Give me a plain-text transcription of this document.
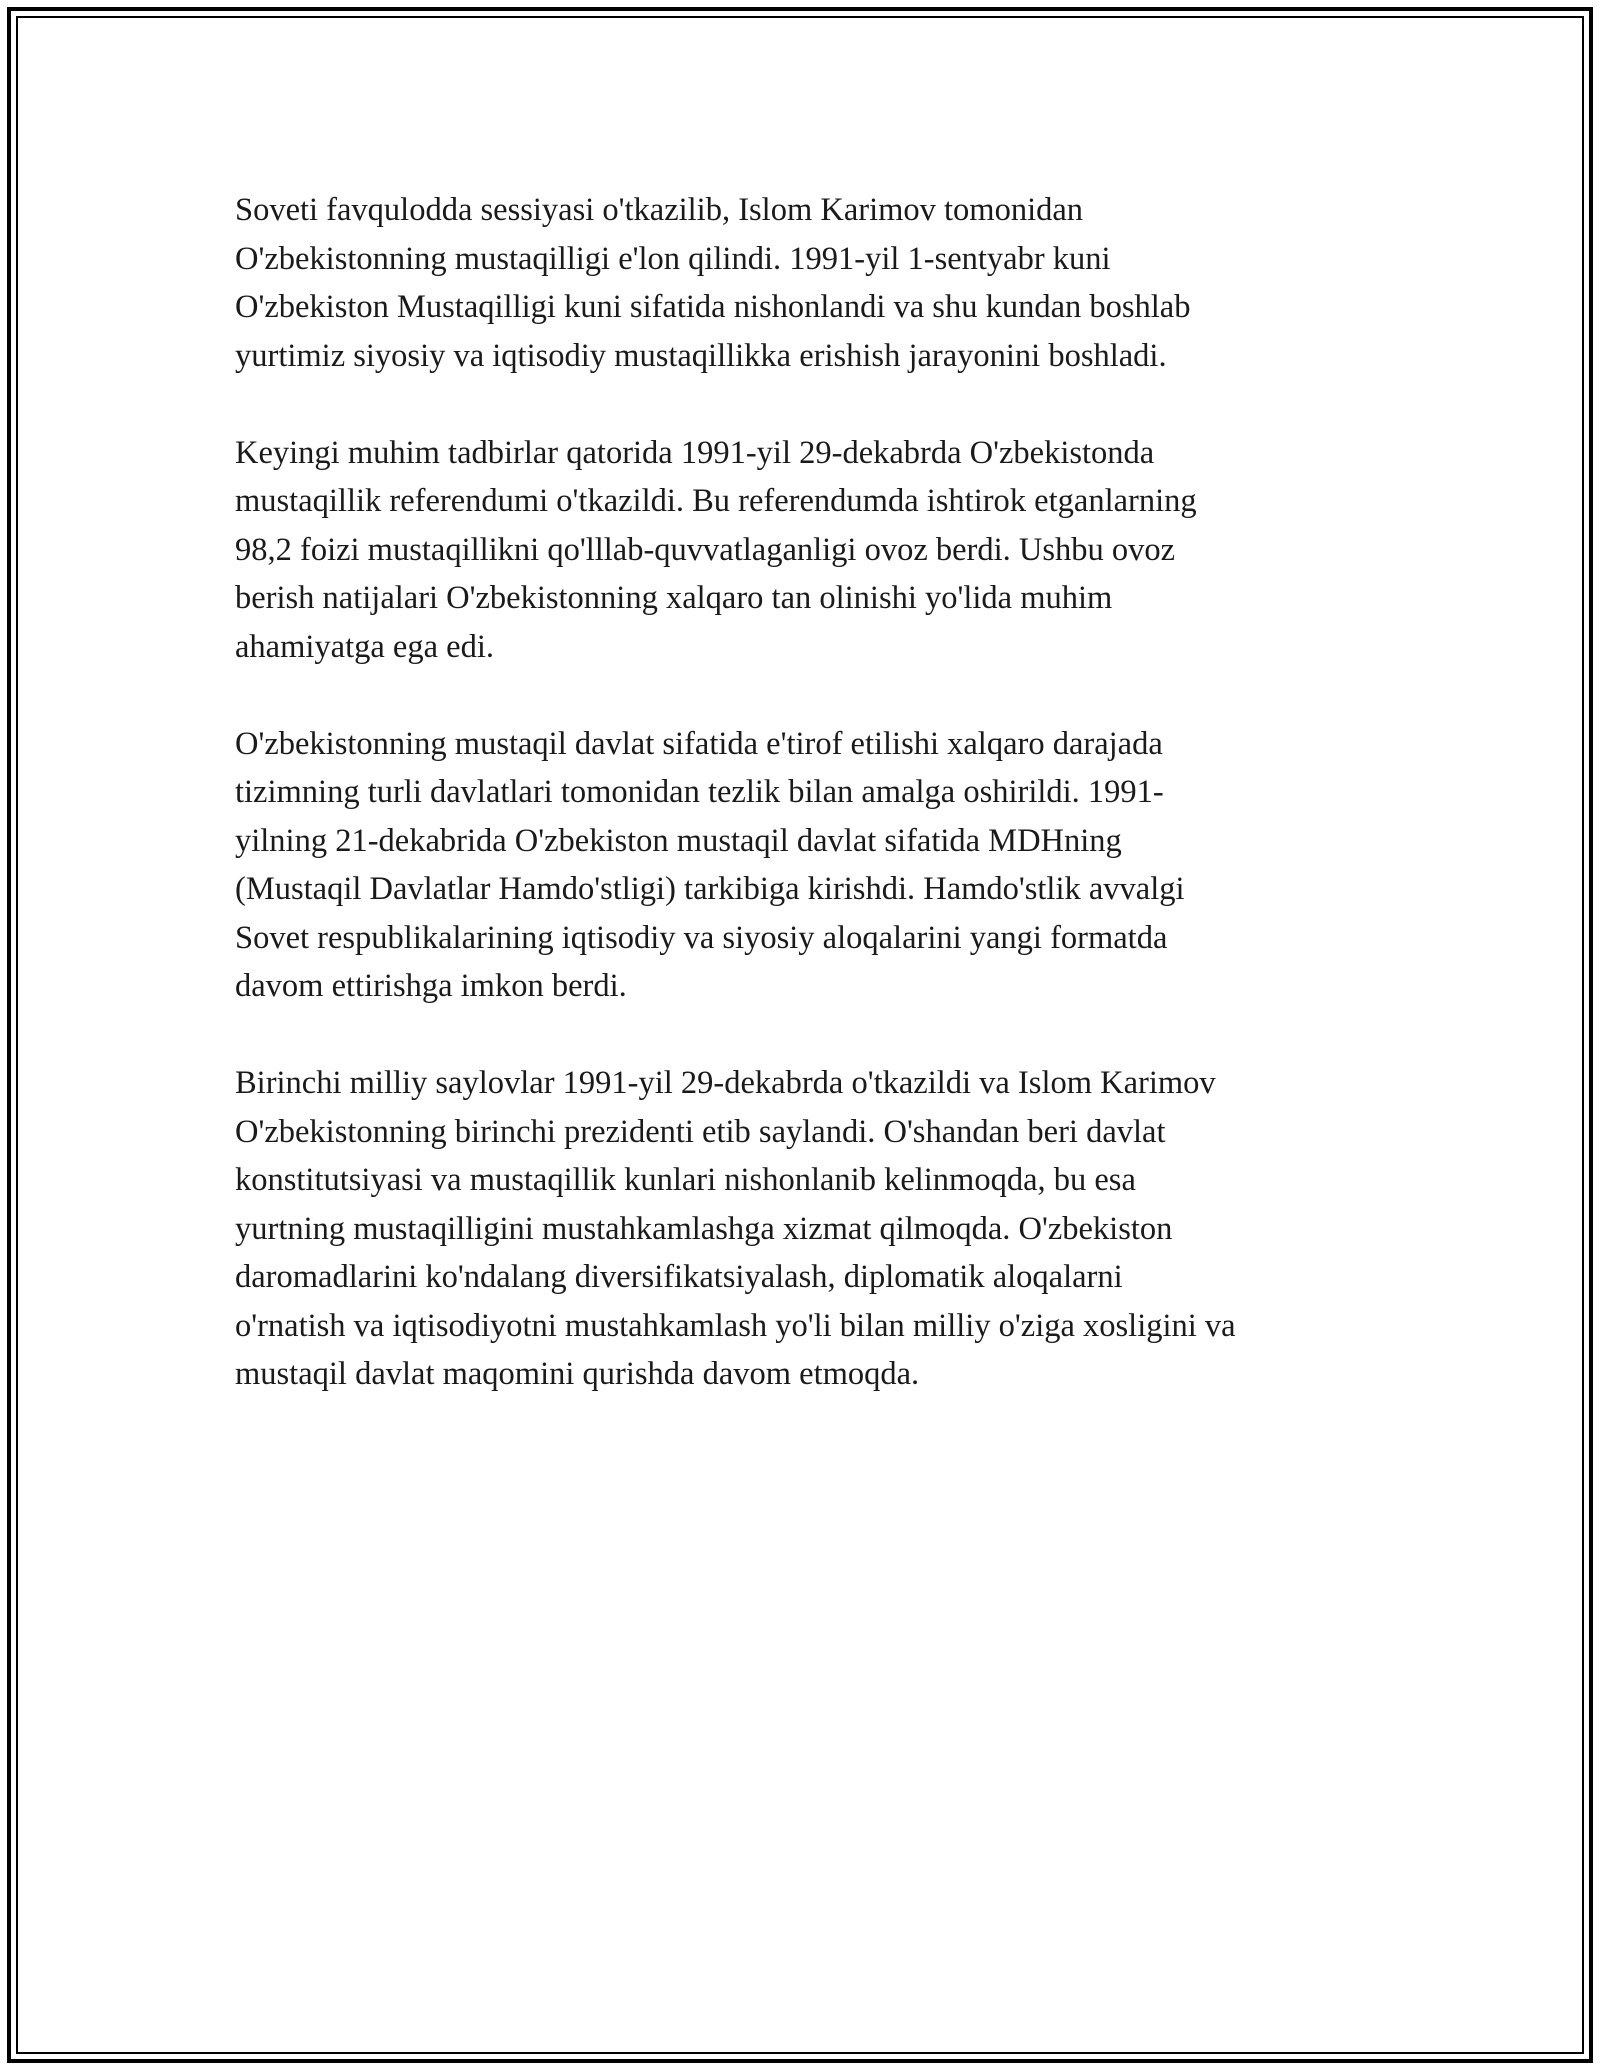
Soveti favqulodda sessiyasi o'tkazilib, Islom Karimov tomonidan
O'zbekistonning mustaqilligi e'lon qilindi. 1991-yil 1-sentyabr kuni
O'zbekiston Mustaqilligi kuni sifatida nishonlandi va shu kundan boshlab
yurtimiz siyosiy va iqtisodiy mustaqillikka erishish jarayonini boshladi.

Keyingi muhim tadbirlar qatorida 1991-yil 29-dekabrda O'zbekistonda
mustaqillik referendumi o'tkazildi. Bu referendumda ishtirok etganlarning
98,2 foizi mustaqillikni qo'lllab-quvvatlaganligi ovoz berdi. Ushbu ovoz
berish natijalari O'zbekistonning xalqaro tan olinishi yo'lida muhim
ahamiyatga ega edi.

O'zbekistonning mustaqil davlat sifatida e'tirof etilishi xalqaro darajada
tizimning turli davlatlari tomonidan tezlik bilan amalga oshirildi. 1991-
yilning 21-dekabrida O'zbekiston mustaqil davlat sifatida MDHning
(Mustaqil Davlatlar Hamdo'stligi) tarkibiga kirishdi. Hamdo'stlik avvalgi
Sovet respublikalarining iqtisodiy va siyosiy aloqalarini yangi formatda
davom ettirishga imkon berdi.

Birinchi milliy saylovlar 1991-yil 29-dekabrda o'tkazildi va Islom Karimov
O'zbekistonning birinchi prezidenti etib saylandi. O'shandan beri davlat
konstitutsiyasi va mustaqillik kunlari nishonlanib kelinmoqda, bu esa
yurtning mustaqilligini mustahkamlashga xizmat qilmoqda. O'zbekiston
daromadlarini ko'ndalang diversifikatsiyalash, diplomatik aloqalarni
o'rnatish va iqtisodiyotni mustahkamlash yo'li bilan milliy o'ziga xosligini va
mustaqil davlat maqomini qurishda davom etmoqda.
